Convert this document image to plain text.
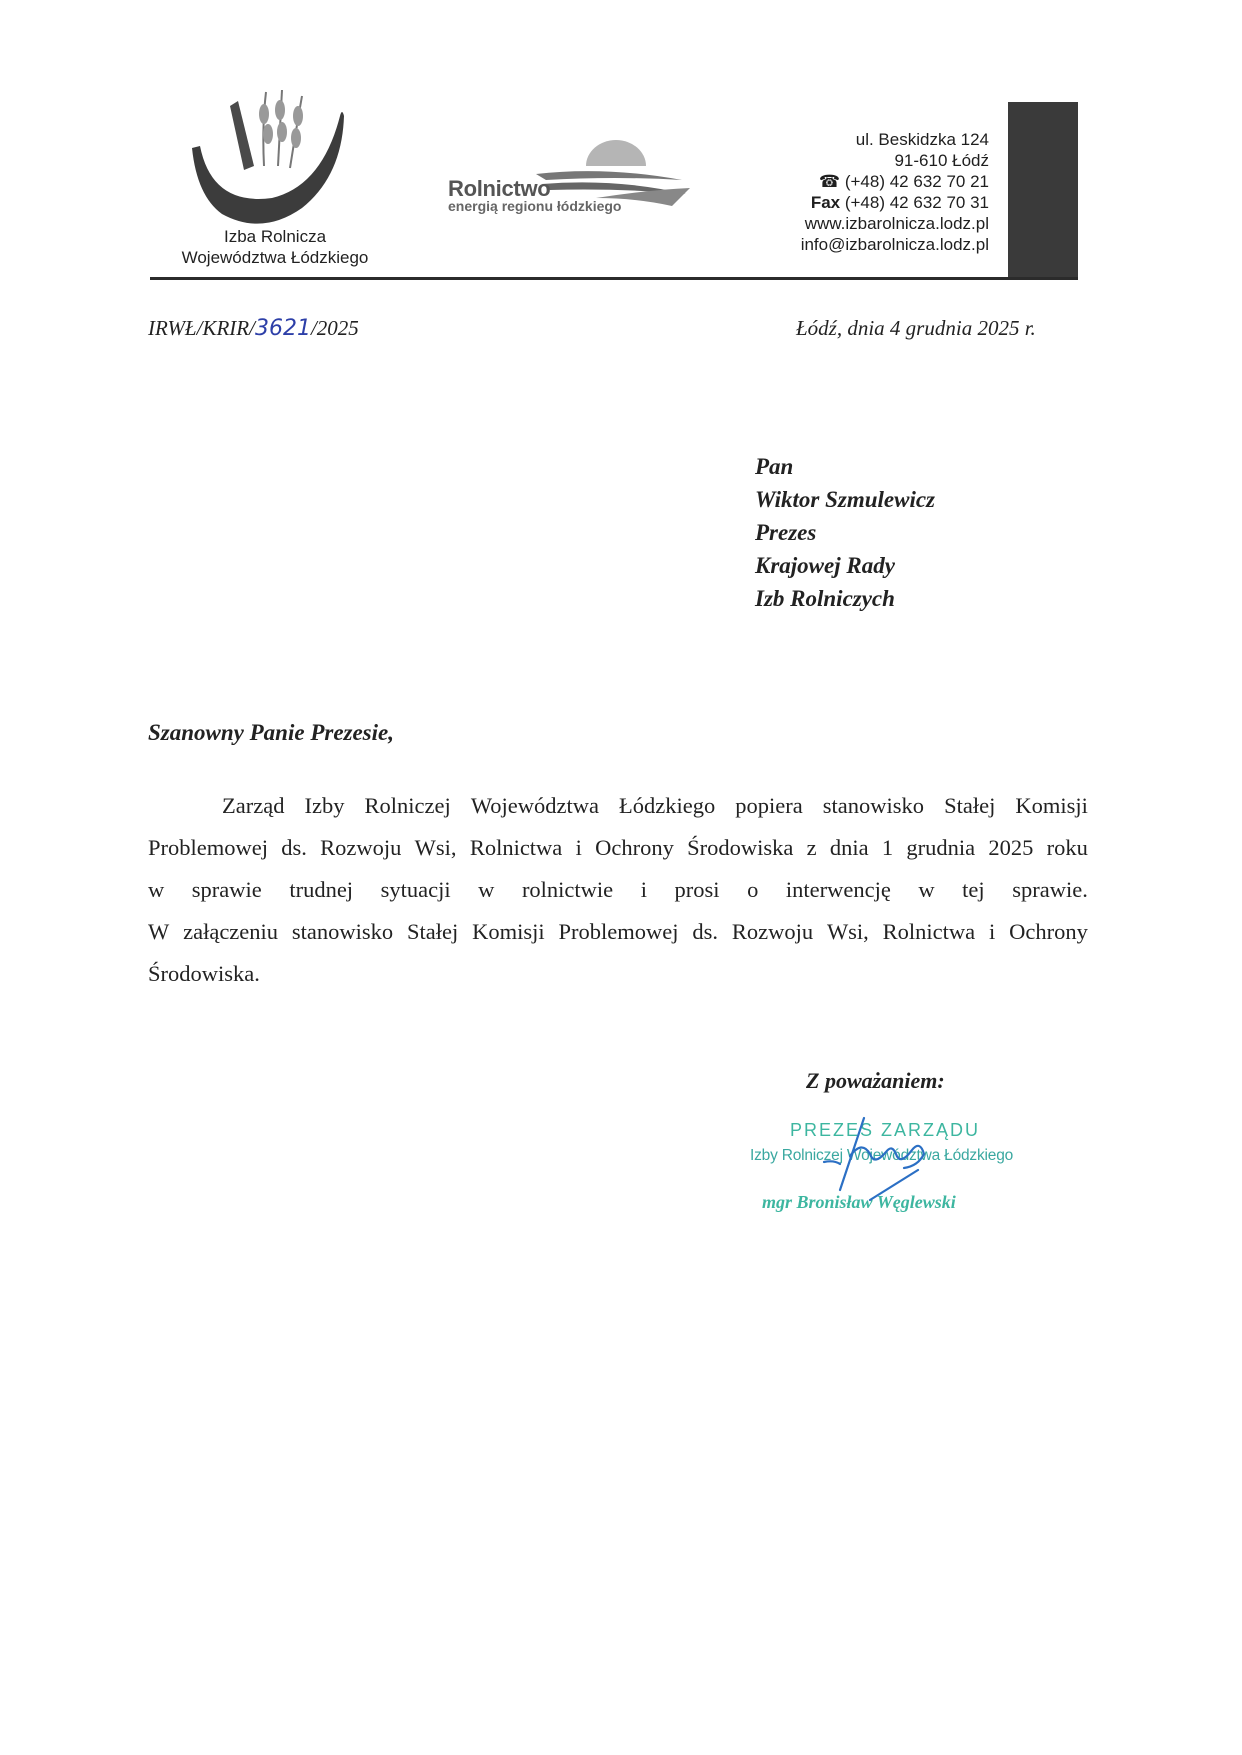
Izba Rolnicza
Województwa Łódzkiego
Rolnictwo
energią regionu łódzkiego
ul. Beskidzka 124
91-610 Łódź
☎ (+48) 42 632 70 21
Fax (+48) 42 632 70 31
www.izbarolnicza.lodz.pl
info@izbarolnicza.lodz.pl
IRWŁ/KRIR/3621/2025	Łódź, dnia 4 grudnia 2025 r.
Pan
Wiktor Szmulewicz
Prezes
Krajowej Rady
Izb Rolniczych
Szanowny Panie Prezesie,
Zarząd Izby Rolniczej Województwa Łódzkiego popiera stanowisko Stałej Komisji
Problemowej ds. Rozwoju Wsi, Rolnictwa i Ochrony Środowiska z dnia 1 grudnia 2025 roku
w sprawie trudnej sytuacji w rolnictwie i prosi o interwencję w tej sprawie.
W załączeniu stanowisko Stałej Komisji Problemowej ds. Rozwoju Wsi, Rolnictwa i Ochrony
Środowiska.
Z poważaniem:
PREZES ZARZĄDU
Izby Rolniczej Województwa Łódzkiego
mgr Bronisław Węglewski
